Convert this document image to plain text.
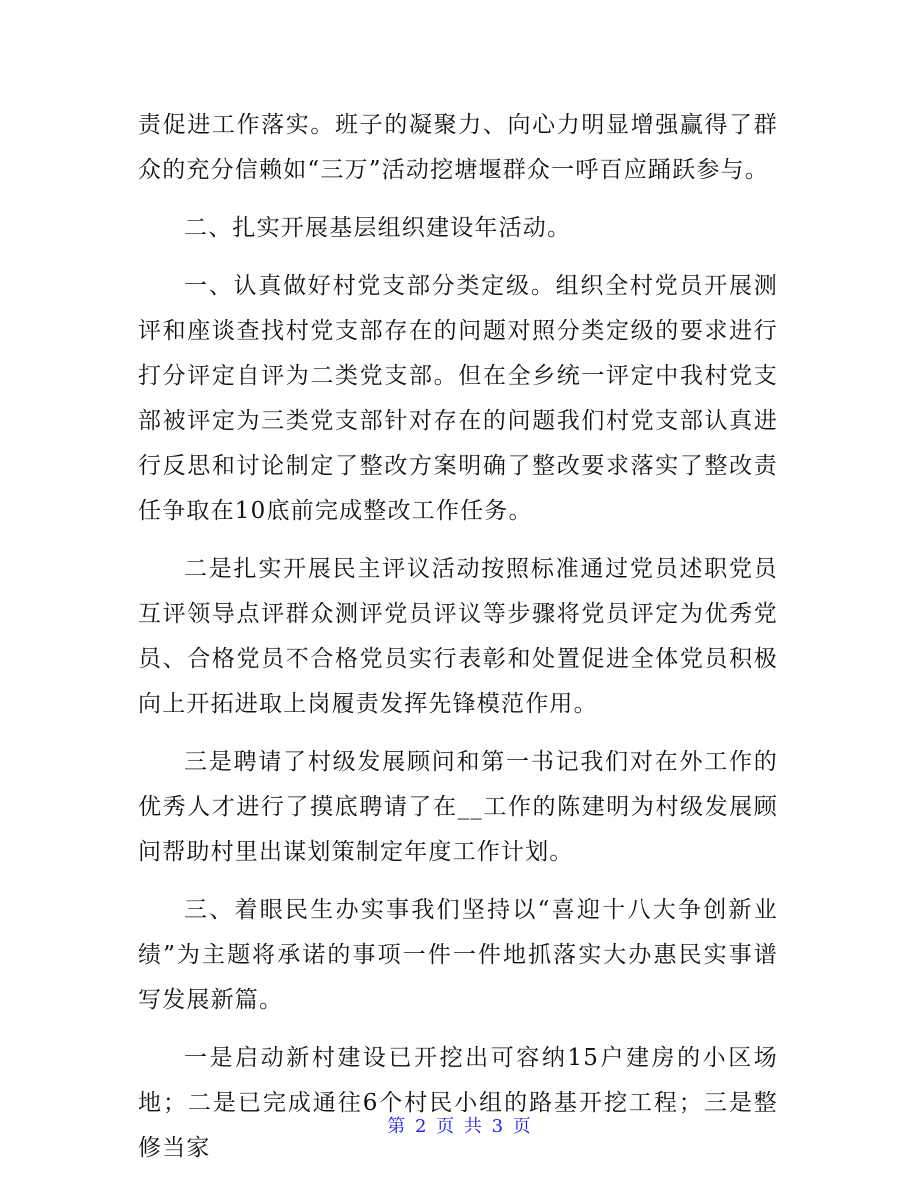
责促进工作落实。班子的凝聚力、向心力明显增强赢得了群众的充分信赖如“三万”活动挖塘堰群众一呼百应踊跃参与。

二、扎实开展基层组织建设年活动。

一、认真做好村党支部分类定级。组织全村党员开展测评和座谈查找村党支部存在的问题对照分类定级的要求进行打分评定自评为二类党支部。但在全乡统一评定中我村党支部被评定为三类党支部针对存在的问题我们村党支部认真进行反思和讨论制定了整改方案明确了整改要求落实了整改责任争取在10底前完成整改工作任务。

二是扎实开展民主评议活动按照标准通过党员述职党员互评领导点评群众测评党员评议等步骤将党员评定为优秀党员、合格党员不合格党员实行表彰和处置促进全体党员积极向上开拓进取上岗履责发挥先锋模范作用。

三是聘请了村级发展顾问和第一书记我们对在外工作的优秀人才进行了摸底聘请了在__工作的陈建明为村级发展顾问帮助村里出谋划策制定年度工作计划。

三、着眼民生办实事我们坚持以“喜迎十八大争创新业绩”为主题将承诺的事项一件一件地抓落实大办惠民实事谱写发展新篇。

一是启动新村建设已开挖出可容纳15户建房的小区场地；二是已完成通往6个村民小组的路基开挖工程；三是整修当家

第 2 页 共 3 页
